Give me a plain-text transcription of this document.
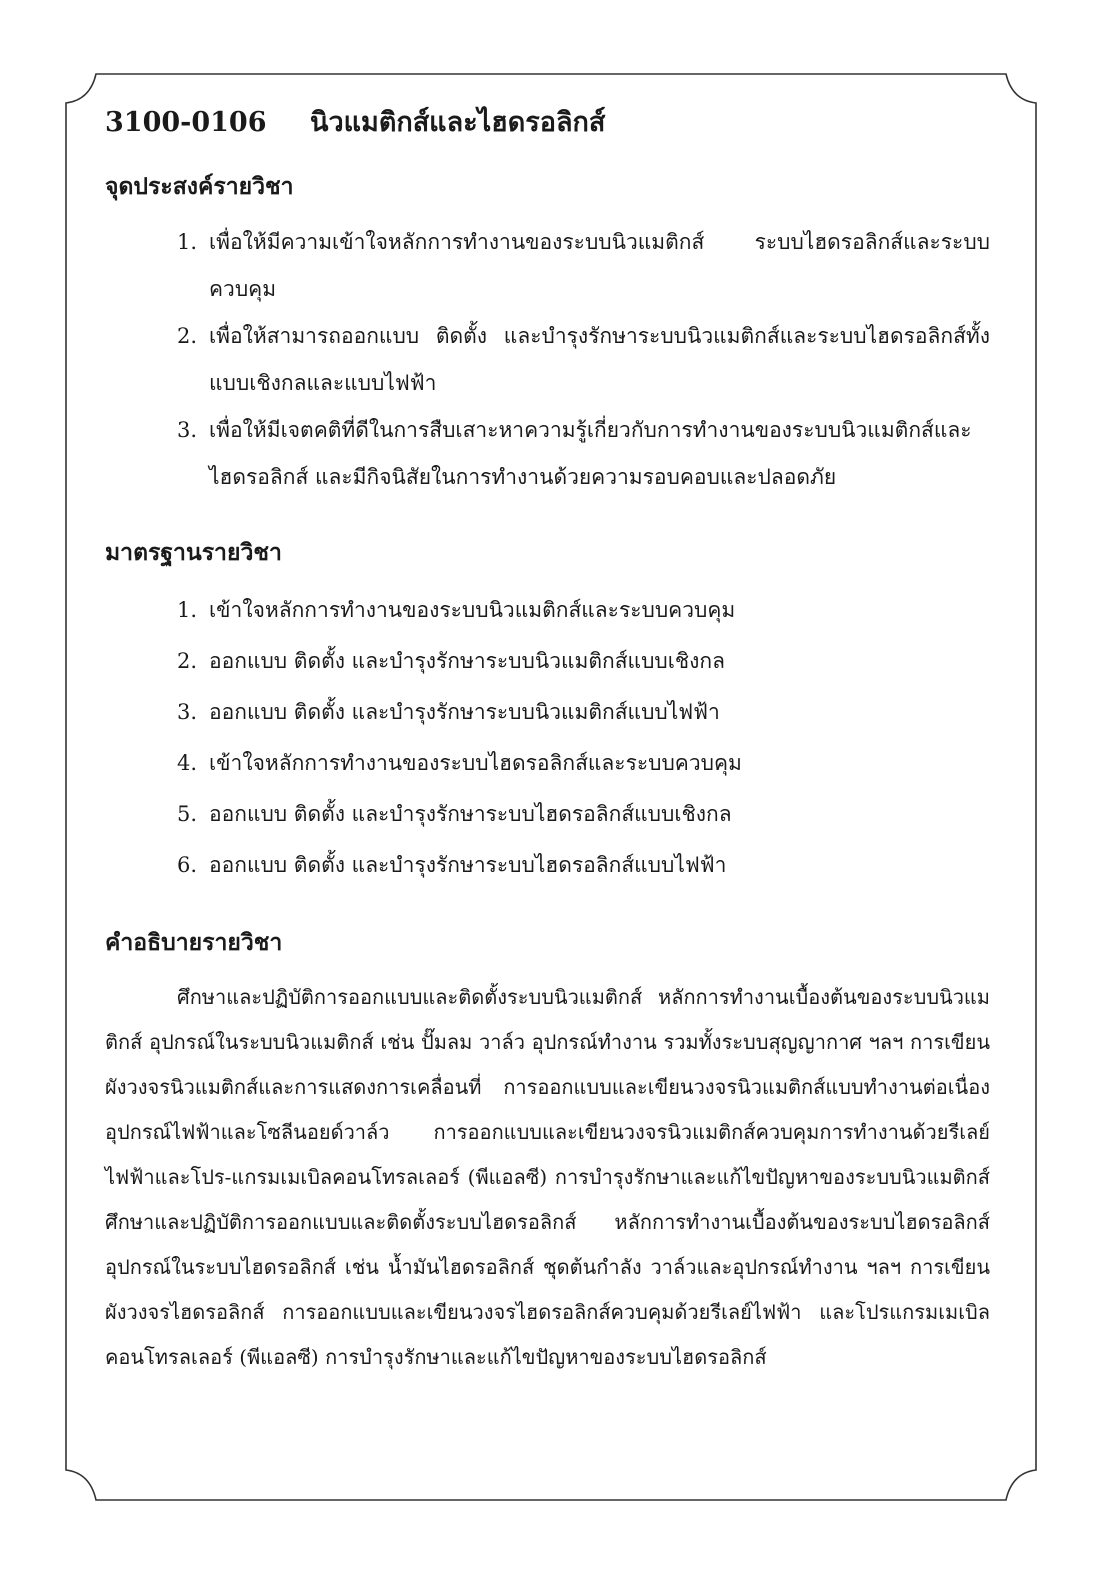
3100-0106	นิวแมติกส์และไฮดรอลิกส์
จุดประสงค์รายวิชา
1. เพื่อให้มีความเข้าใจหลักการทำงานของระบบนิวแมติกส์ ระบบไฮดรอลิกส์และระบบควบคุม
2. เพื่อให้สามารถออกแบบ ติดตั้ง และบำรุงรักษาระบบนิวแมติกส์และระบบไฮดรอลิกส์ทั้งแบบเชิงกลและแบบไฟฟ้า
3. เพื่อให้มีเจตคติที่ดีในการสืบเสาะหาความรู้เกี่ยวกับการทำงานของระบบนิวแมติกส์และไฮดรอลิกส์ และมีกิจนิสัยในการทำงานด้วยความรอบคอบและปลอดภัย
มาตรฐานรายวิชา
1. เข้าใจหลักการทำงานของระบบนิวแมติกส์และระบบควบคุม
2. ออกแบบ ติดตั้ง และบำรุงรักษาระบบนิวแมติกส์แบบเชิงกล
3. ออกแบบ ติดตั้ง และบำรุงรักษาระบบนิวแมติกส์แบบไฟฟ้า
4. เข้าใจหลักการทำงานของระบบไฮดรอลิกส์และระบบควบคุม
5. ออกแบบ ติดตั้ง และบำรุงรักษาระบบไฮดรอลิกส์แบบเชิงกล
6. ออกแบบ ติดตั้ง และบำรุงรักษาระบบไฮดรอลิกส์แบบไฟฟ้า
คำอธิบายรายวิชา

ศึกษาและปฏิบัติการออกแบบและติดตั้งระบบนิวแมติกส์ หลักการทำงานเบื้องต้นของระบบนิวแมติกส์ อุปกรณ์ในระบบนิวแมติกส์ เช่น ปั๊มลม วาล์ว อุปกรณ์ทำงาน รวมทั้งระบบสุญญากาศ ฯลฯ การเขียนผังวงจรนิวแมติกส์และการแสดงการเคลื่อนที่ การออกแบบและเขียนวงจรนิวแมติกส์แบบทำงานต่อเนื่อง อุปกรณ์ไฟฟ้าและโซลีนอยด์วาล์ว การออกแบบและเขียนวงจรนิวแมติกส์ควบคุมการทำงานด้วยรีเลย์ไฟฟ้าและโปร-แกรมเมเบิลคอนโทรลเลอร์ (พีแอลซี) การบำรุงรักษาและแก้ไขปัญหาของระบบนิวแมติกส์ ศึกษาและปฏิบัติการออกแบบและติดตั้งระบบไฮดรอลิกส์ หลักการทำงานเบื้องต้นของระบบไฮดรอลิกส์ อุปกรณ์ในระบบไฮดรอลิกส์ เช่น น้ำมันไฮดรอลิกส์ ชุดต้นกำลัง วาล์วและอุปกรณ์ทำงาน ฯลฯ การเขียนผังวงจรไฮดรอลิกส์ การออกแบบและเขียนวงจรไฮดรอลิกส์ควบคุมด้วยรีเลย์ไฟฟ้า และโปรแกรมเมเบิลคอนโทรลเลอร์ (พีแอลซี) การบำรุงรักษาและแก้ไขปัญหาของระบบไฮดรอลิกส์
